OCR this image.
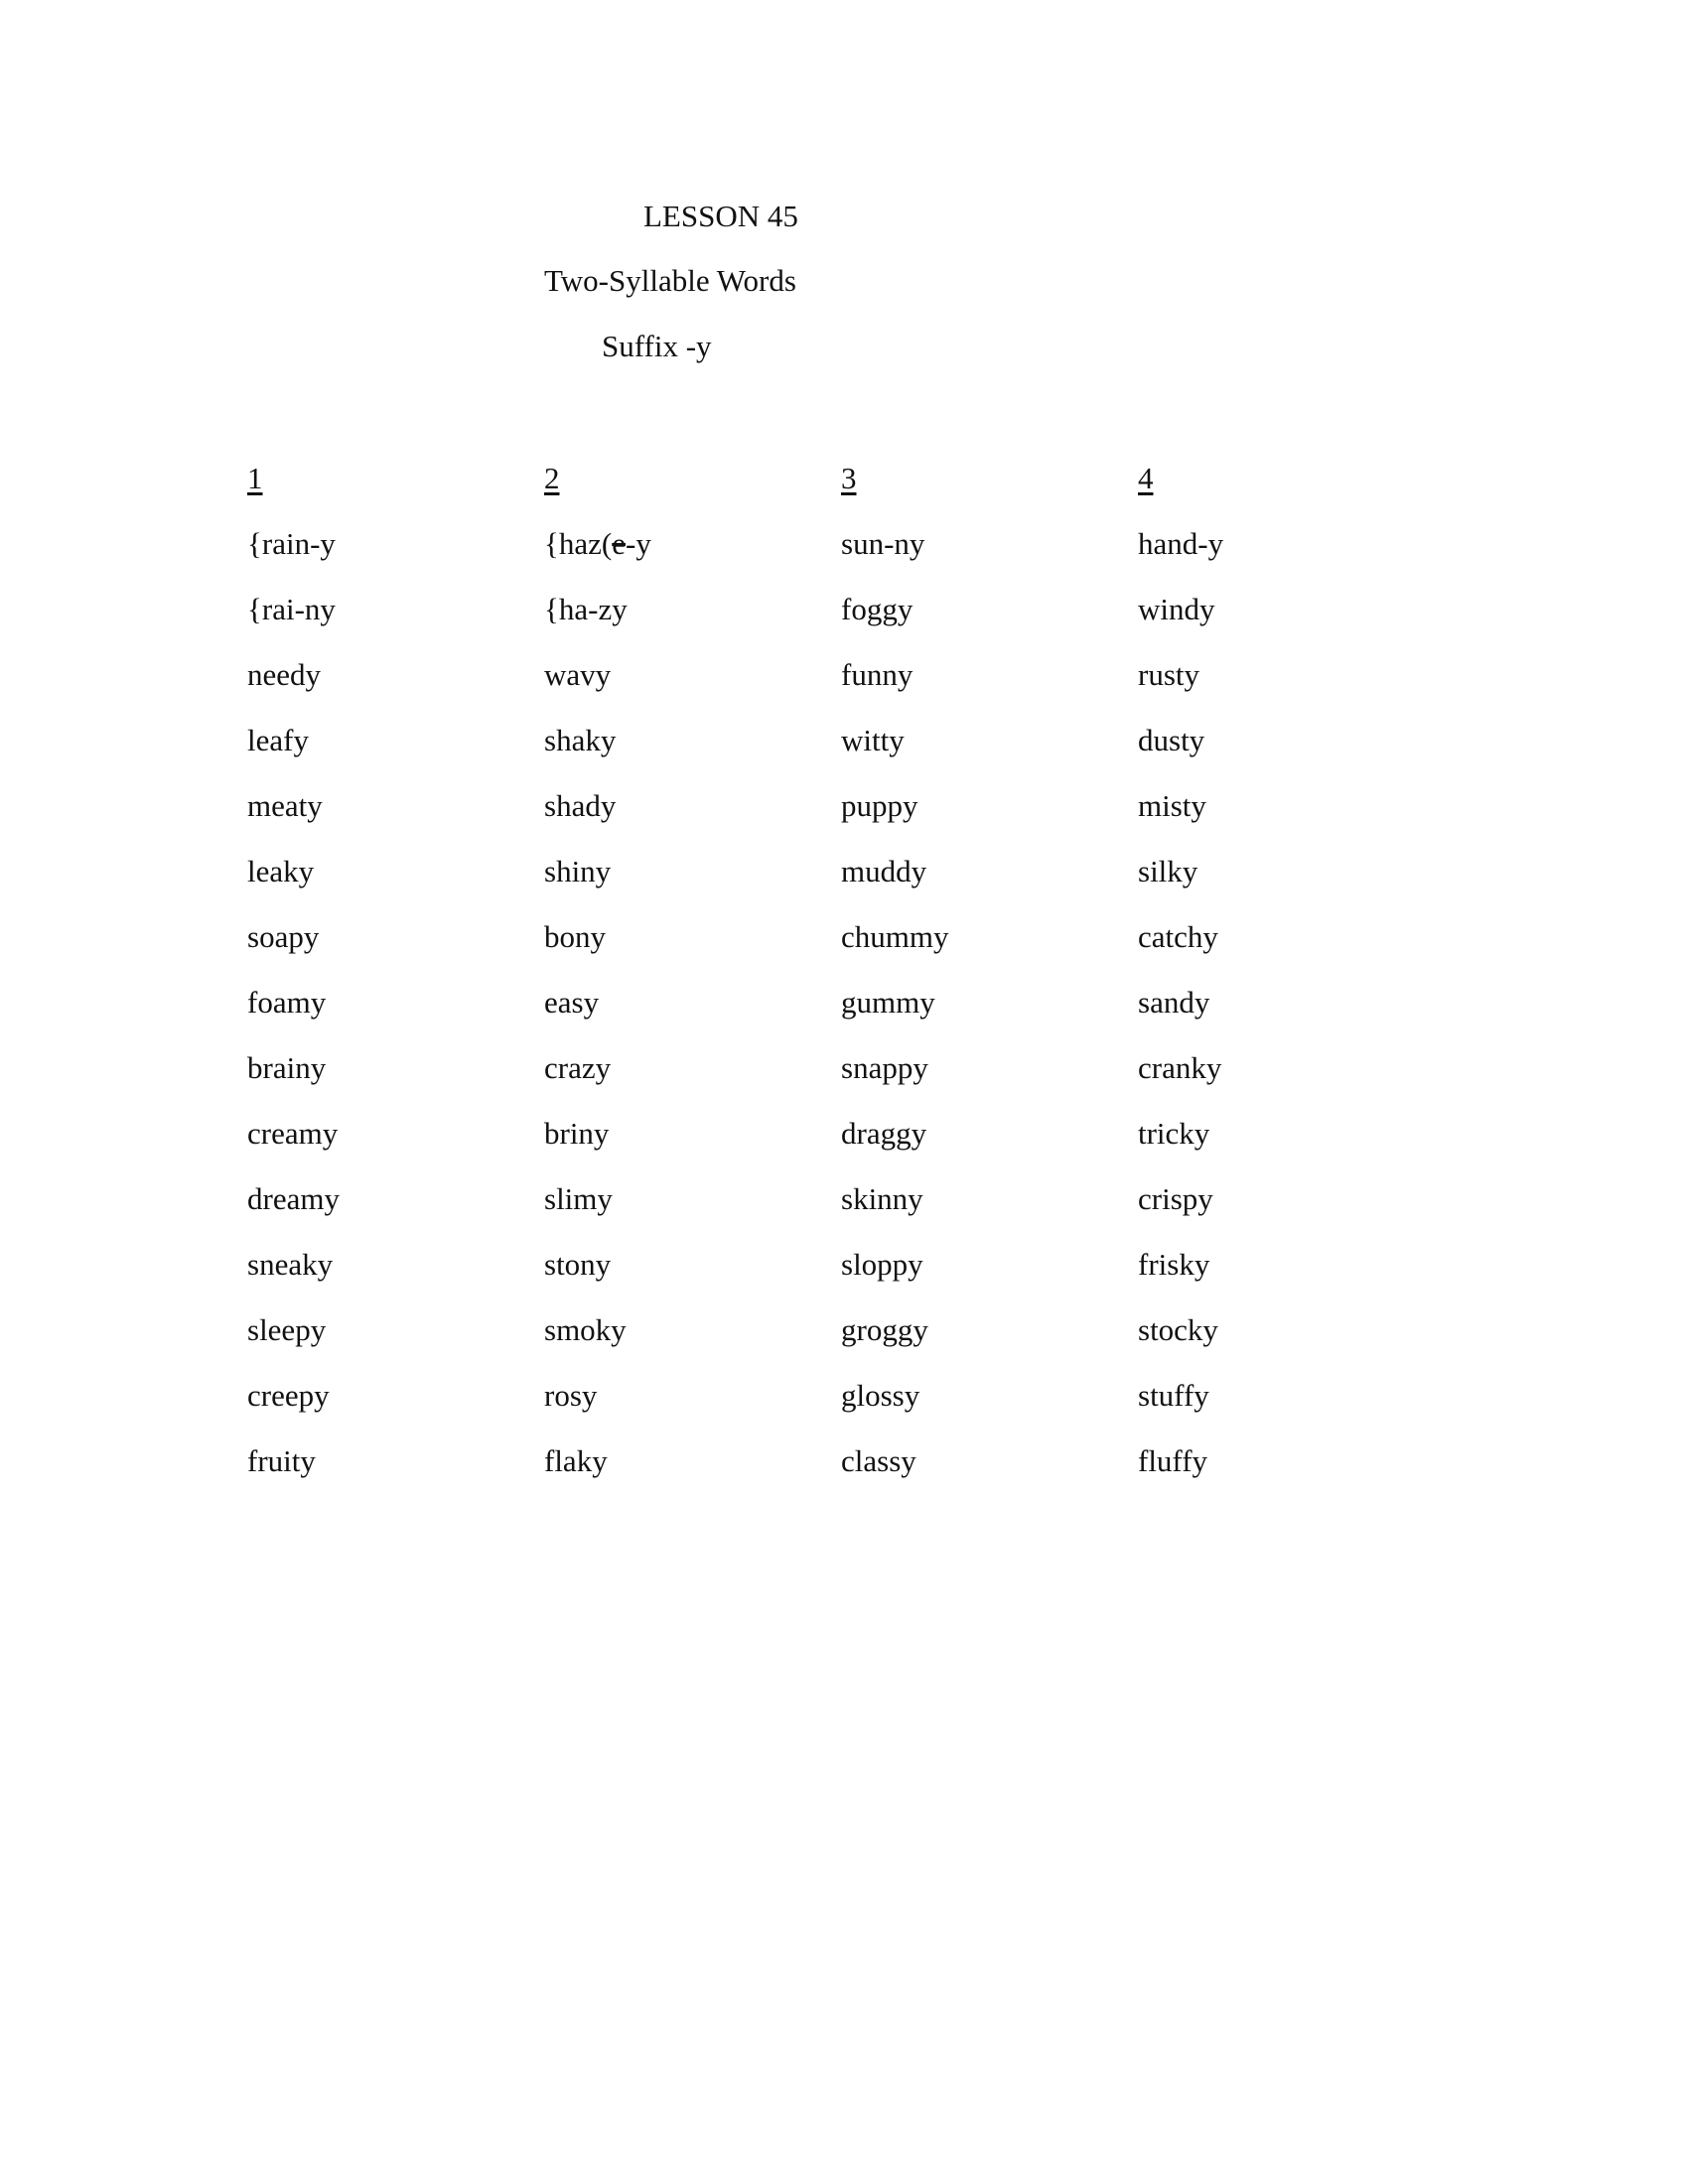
LESSON 45
Two-Syllable Words
Suffix -y
1
{rain-y
{rai-ny
needy
leafy
meaty
leaky
soapy
foamy
brainy
creamy
dreamy
sneaky
sleepy
creepy
fruity
2
{haz(e-y
{ha-zy
wavy
shaky
shady
shiny
bony
easy
crazy
briny
slimy
stony
smoky
rosy
flaky
3
sun-ny
foggy
funny
witty
puppy
muddy
chummy
gummy
snappy
draggy
skinny
sloppy
groggy
glossy
classy
4
hand-y
windy
rusty
dusty
misty
silky
catchy
sandy
cranky
tricky
crispy
frisky
stocky
stuffy
fluffy
